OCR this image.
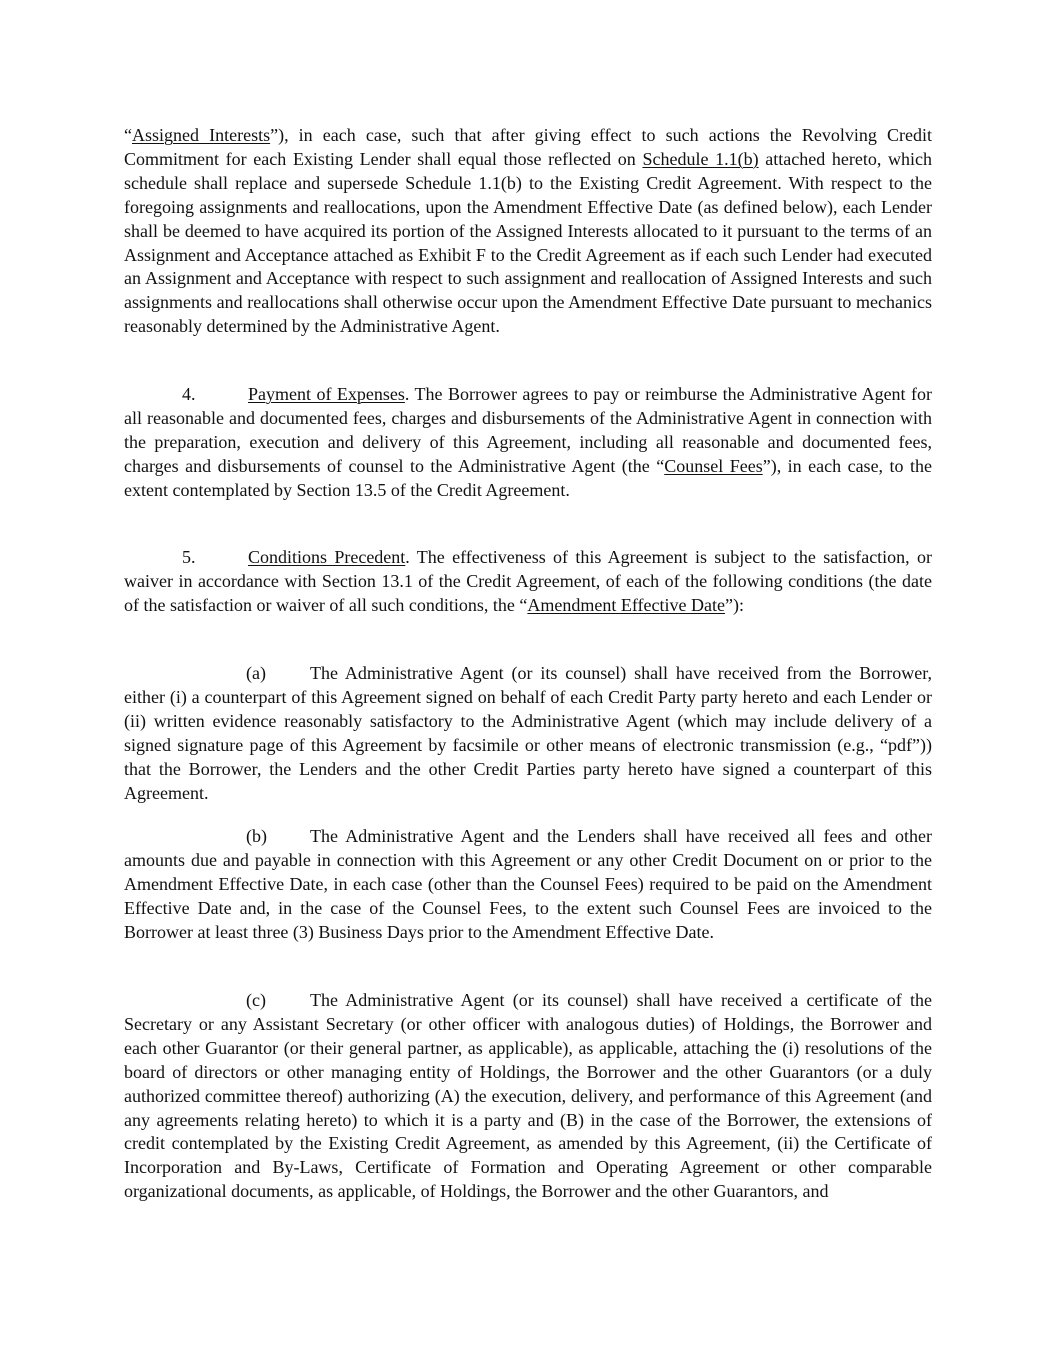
“Assigned Interests”), in each case, such that after giving effect to such actions the Revolving Credit Commitment for each Existing Lender shall equal those reflected on Schedule 1.1(b) attached hereto, which schedule shall replace and supersede Schedule 1.1(b) to the Existing Credit Agreement. With respect to the foregoing assignments and reallocations, upon the Amendment Effective Date (as defined below), each Lender shall be deemed to have acquired its portion of the Assigned Interests allocated to it pursuant to the terms of an Assignment and Acceptance attached as Exhibit F to the Credit Agreement as if each such Lender had executed an Assignment and Acceptance with respect to such assignment and reallocation of Assigned Interests and such assignments and reallocations shall otherwise occur upon the Amendment Effective Date pursuant to mechanics reasonably determined by the Administrative Agent.

4.	Payment of Expenses. The Borrower agrees to pay or reimburse the Administrative Agent for all reasonable and documented fees, charges and disbursements of the Administrative Agent in connection with the preparation, execution and delivery of this Agreement, including all reasonable and documented fees, charges and disbursements of counsel to the Administrative Agent (the “Counsel Fees”), in each case, to the extent contemplated by Section 13.5 of the Credit Agreement.

5.	Conditions Precedent. The effectiveness of this Agreement is subject to the satisfaction, or waiver in accordance with Section 13.1 of the Credit Agreement, of each of the following conditions (the date of the satisfaction or waiver of all such conditions, the “Amendment Effective Date”):

(a) The Administrative Agent (or its counsel) shall have received from the Borrower, either (i) a counterpart of this Agreement signed on behalf of each Credit Party party hereto and each Lender or (ii) written evidence reasonably satisfactory to the Administrative Agent (which may include delivery of a signed signature page of this Agreement by facsimile or other means of electronic transmission (e.g., “pdf”)) that the Borrower, the Lenders and the other Credit Parties party hereto have signed a counterpart of this Agreement.

(b) The Administrative Agent and the Lenders shall have received all fees and other amounts due and payable in connection with this Agreement or any other Credit Document on or prior to the Amendment Effective Date, in each case (other than the Counsel Fees) required to be paid on the Amendment Effective Date and, in the case of the Counsel Fees, to the extent such Counsel Fees are invoiced to the Borrower at least three (3) Business Days prior to the Amendment Effective Date.

(c) The Administrative Agent (or its counsel) shall have received a certificate of the Secretary or any Assistant Secretary (or other officer with analogous duties) of Holdings, the Borrower and each other Guarantor (or their general partner, as applicable), as applicable, attaching the (i) resolutions of the board of directors or other managing entity of Holdings, the Borrower and the other Guarantors (or a duly authorized committee thereof) authorizing (A) the execution, delivery, and performance of this Agreement (and any agreements relating hereto) to which it is a party and (B) in the case of the Borrower, the extensions of credit contemplated by the Existing Credit Agreement, as amended by this Agreement, (ii) the Certificate of Incorporation and By-Laws, Certificate of Formation and Operating Agreement or other comparable organizational documents, as applicable, of Holdings, the Borrower and the other Guarantors, and
